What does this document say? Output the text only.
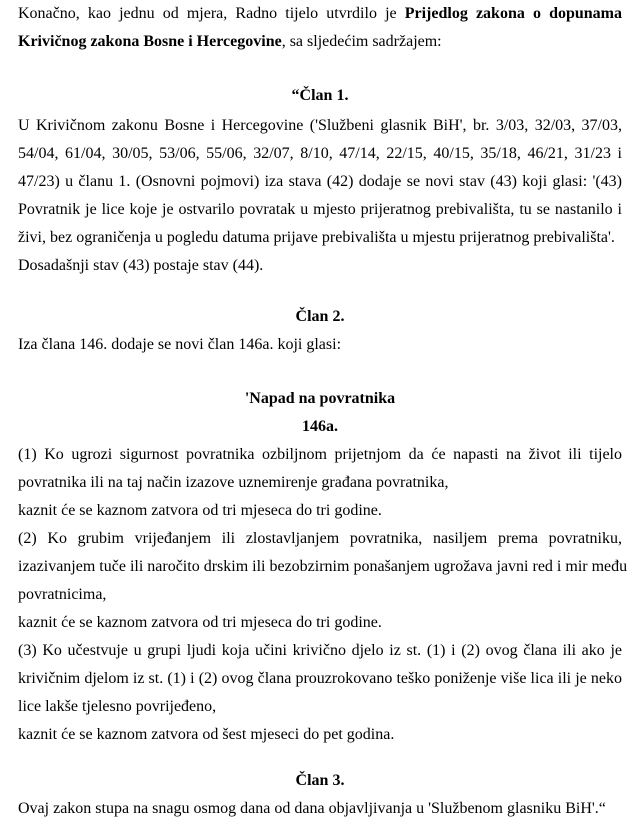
Konačno, kao jednu od mjera, Radno tijelo utvrdilo je Prijedlog zakona o dopunama
Krivičnog zakona Bosne i Hercegovine, sa sljedećim sadržajem:
“Član 1.
U Krivičnom zakonu Bosne i Hercegovine ('Službeni glasnik BiH', br. 3/03, 32/03, 37/03,
54/04, 61/04, 30/05, 53/06, 55/06, 32/07, 8/10, 47/14, 22/15, 40/15, 35/18, 46/21, 31/23 i
47/23) u članu 1. (Osnovni pojmovi) iza stava (42) dodaje se novi stav (43) koji glasi: '(43)
Povratnik je lice koje je ostvarilo povratak u mjesto prijeratnog prebivališta, tu se nastanilo i
živi, bez ograničenja u pogledu datuma prijave prebivališta u mjestu prijeratnog prebivališta'.
Dosadašnji stav (43) postaje stav (44).
Član 2.
Iza člana 146. dodaje se novi član 146a. koji glasi:
'Napad na povratnika
146a.
(1) Ko ugrozi sigurnost povratnika ozbiljnom prijetnjom da će napasti na život ili tijelo
povratnika ili na taj način izazove uznemirenje građana povratnika,
kaznit će se kaznom zatvora od tri mjeseca do tri godine.
(2) Ko grubim vrijeđanjem ili zlostavljanjem povratnika, nasiljem prema povratniku,
izazivanjem tuče ili naročito drskim ili bezobzirnim ponašanjem ugrožava javni red i mir među
povratnicima,
kaznit će se kaznom zatvora od tri mjeseca do tri godine.
(3) Ko učestvuje u grupi ljudi koja učini krivično djelo iz st. (1) i (2) ovog člana ili ako je
krivičnim djelom iz st. (1) i (2) ovog člana prouzrokovano teško poniženje više lica ili je neko
lice lakše tjelesno povrijeđeno,
kaznit će se kaznom zatvora od šest mjeseci do pet godina.
Član 3.
Ovaj zakon stupa na snagu osmog dana od dana objavljivanja u 'Službenom glasniku BiH'.“
